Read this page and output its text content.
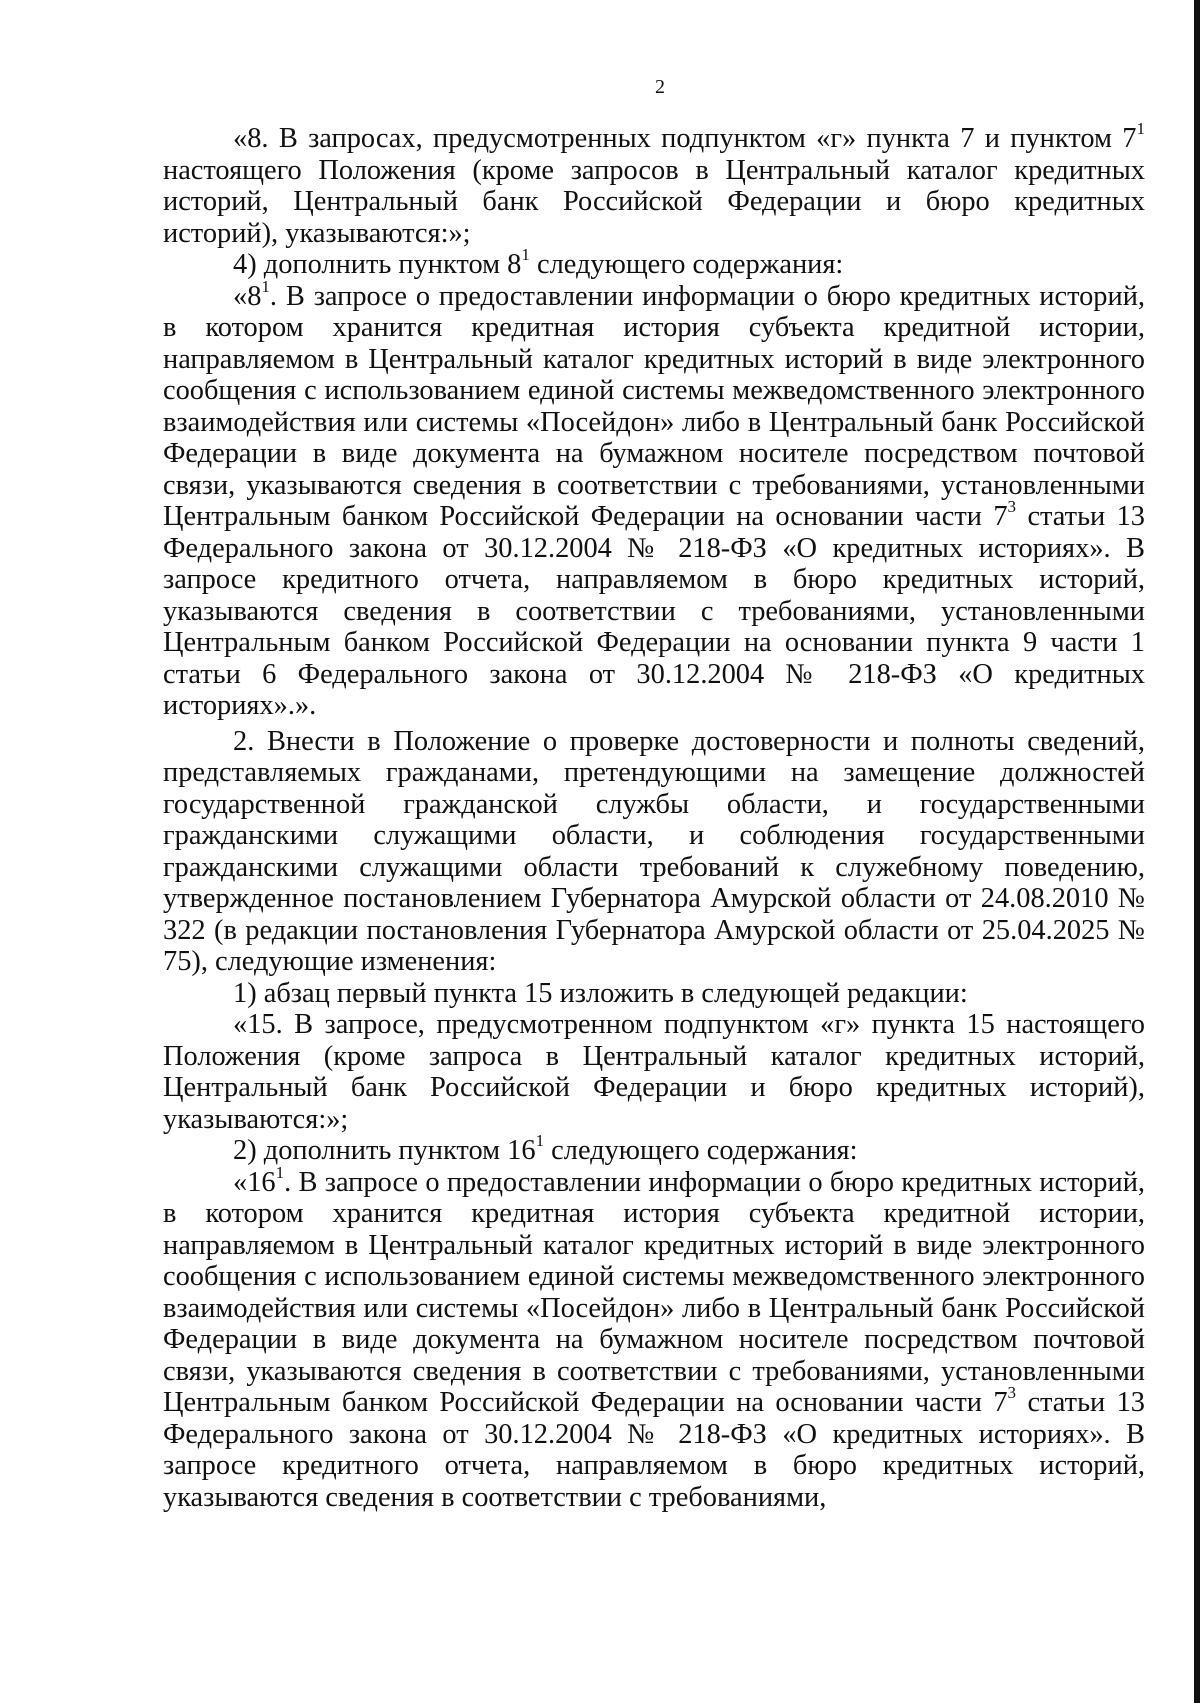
2

«8. В запросах, предусмотренных подпунктом «г» пункта 7 и пунктом $7^1$ настоящего Положения (кроме запросов в Центральный каталог кредитных историй, Центральный банк Российской Федерации и бюро кредитных историй), указываются:»;

4) дополнить пунктом $8^1$ следующего содержания:

«$8^1$. В запросе о предоставлении информации о бюро кредитных историй, в котором хранится кредитная история субъекта кредитной истории, направляемом в Центральный каталог кредитных историй в виде электронного сообщения с использованием единой системы межведомственного электронного взаимодействия или системы «Посейдон» либо в Центральный банк Российской Федерации в виде документа на бумажном носителе посредством почтовой связи, указываются сведения в соответствии с требованиями, установленными Центральным банком Российской Федерации на основании части $7^3$ статьи 13 Федерального закона от 30.12.2004 № 218-ФЗ «О кредитных историях». В запросе кредитного отчета, направляемом в бюро кредитных историй, указываются сведения в соответствии с требованиями, установленными Центральным банком Российской Федерации на основании пункта 9 части 1 статьи 6 Федерального закона от 30.12.2004 № 218-ФЗ «О кредитных историях».».

2. Внести в Положение о проверке достоверности и полноты сведений, представляемых гражданами, претендующими на замещение должностей государственной гражданской службы области, и государственными гражданскими служащими области, и соблюдения государственными гражданскими служащими области требований к служебному поведению, утвержденное постановлением Губернатора Амурской области от 24.08.2010 № 322 (в редакции постановления Губернатора Амурской области от 25.04.2025 № 75), следующие изменения:

1) абзац первый пункта 15 изложить в следующей редакции:

«15. В запросе, предусмотренном подпунктом «г» пункта 15 настоящего Положения (кроме запроса в Центральный каталог кредитных историй, Центральный банк Российской Федерации и бюро кредитных историй), указываются:»;

2) дополнить пунктом $16^1$ следующего содержания:

«$16^1$. В запросе о предоставлении информации о бюро кредитных историй, в котором хранится кредитная история субъекта кредитной истории, направляемом в Центральный каталог кредитных историй в виде электронного сообщения с использованием единой системы межведомственного электронного взаимодействия или системы «Посейдон» либо в Центральный банк Российской Федерации в виде документа на бумажном носителе посредством почтовой связи, указываются сведения в соответствии с требованиями, установленными Центральным банком Российской Федерации на основании части $7^3$ статьи 13 Федерального закона от 30.12.2004 № 218-ФЗ «О кредитных историях». В запросе кредитного отчета, направляемом в бюро кредитных историй, указываются сведения в соответствии с требованиями,
